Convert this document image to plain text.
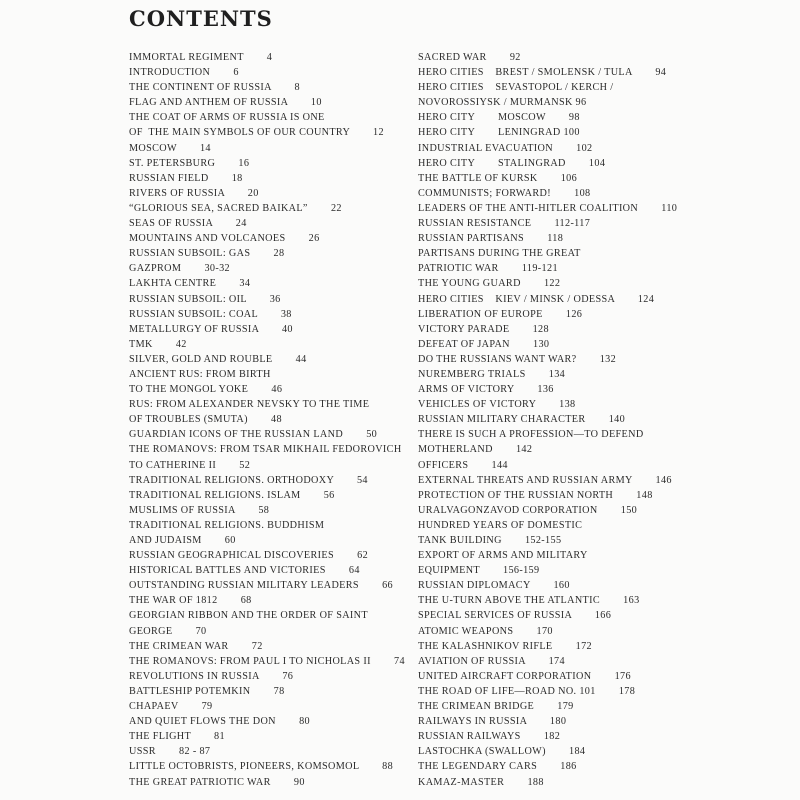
CONTENTS
IMMORTAL REGIMENT        4
INTRODUCTION        6
THE CONTINENT OF RUSSIA        8
FLAG AND ANTHEM OF RUSSIA        10
THE COAT OF ARMS OF RUSSIA IS ONE
OF  THE MAIN SYMBOLS OF OUR COUNTRY        12
MOSCOW        14
ST. PETERSBURG        16
RUSSIAN FIELD        18
RIVERS OF RUSSIA        20
“GLORIOUS SEA, SACRED BAIKAL”        22
SEAS OF RUSSIA        24
MOUNTAINS AND VOLCANOES        26
RUSSIAN SUBSOIL: GAS        28
GAZPROM        30-32
LAKHTA CENTRE        34
RUSSIAN SUBSOIL: OIL        36
RUSSIAN SUBSOIL: COAL        38
METALLURGY OF RUSSIA        40
TMK        42
SILVER, GOLD AND ROUBLE        44
ANCIENT RUS: FROM BIRTH
TO THE MONGOL YOKE        46
RUS: FROM ALEXANDER NEVSKY TO THE TIME
OF TROUBLES (SMUTA)        48
GUARDIAN ICONS OF THE RUSSIAN LAND        50
THE ROMANOVS: FROM TSAR MIKHAIL FEDOROVICH
TO CATHERINE II        52
TRADITIONAL RELIGIONS. ORTHODOXY        54
TRADITIONAL RELIGIONS. ISLAM        56
MUSLIMS OF RUSSIA        58
TRADITIONAL RELIGIONS. BUDDHISM
AND JUDAISM        60
RUSSIAN GEOGRAPHICAL DISCOVERIES        62
HISTORICAL BATTLES AND VICTORIES        64
OUTSTANDING RUSSIAN MILITARY LEADERS        66
THE WAR OF 1812        68
GEORGIAN RIBBON AND THE ORDER OF SAINT
GEORGE        70
THE CRIMEAN WAR        72
THE ROMANOVS: FROM PAUL I TO NICHOLAS II        74
REVOLUTIONS IN RUSSIA        76
BATTLESHIP POTEMKIN        78
CHAPAEV        79
AND QUIET FLOWS THE DON        80
THE FLIGHT        81
USSR        82 - 87
LITTLE OCTOBRISTS, PIONEERS, KOMSOMOL        88
THE GREAT PATRIOTIC WAR        90
SACRED WAR        92
HERO CITIES    BREST / SMOLENSK / TULA        94
HERO CITIES    SEVASTOPOL / KERCH /
NOVOROSSIYSK / MURMANSK 96
HERO CITY        MOSCOW        98
HERO CITY        LENINGRAD 100
INDUSTRIAL EVACUATION        102
HERO CITY        STALINGRAD        104
THE BATTLE OF KURSK        106
COMMUNISTS; FORWARD!        108
LEADERS OF THE ANTI-HITLER COALITION        110
RUSSIAN RESISTANCE        112-117
RUSSIAN PARTISANS        118
PARTISANS DURING THE GREAT
PATRIOTIC WAR        119-121
THE YOUNG GUARD        122
HERO CITIES    KIEV / MINSK / ODESSA        124
LIBERATION OF EUROPE        126
VICTORY PARADE        128
DEFEAT OF JAPAN        130
DO THE RUSSIANS WANT WAR?        132
NUREMBERG TRIALS        134
ARMS OF VICTORY        136
VEHICLES OF VICTORY        138
RUSSIAN MILITARY CHARACTER        140
THERE IS SUCH A PROFESSION—TO DEFEND
MOTHERLAND        142
OFFICERS        144
EXTERNAL THREATS AND RUSSIAN ARMY        146
PROTECTION OF THE RUSSIAN NORTH        148
URALVAGONZAVOD CORPORATION        150
HUNDRED YEARS OF DOMESTIC
TANK BUILDING        152-155
EXPORT OF ARMS AND MILITARY
EQUIPMENT        156-159
RUSSIAN DIPLOMACY        160
THE U-TURN ABOVE THE ATLANTIC        163
SPECIAL SERVICES OF RUSSIA        166
ATOMIC WEAPONS        170
THE KALASHNIKOV RIFLE        172
AVIATION OF RUSSIA        174
UNITED AIRCRAFT CORPORATION        176
THE ROAD OF LIFE—ROAD NO. 101        178
THE CRIMEAN BRIDGE        179
RAILWAYS IN RUSSIA        180
RUSSIAN RAILWAYS        182
LASTOCHKA (SWALLOW)        184
THE LEGENDARY CARS        186
KAMAZ-MASTER        188
